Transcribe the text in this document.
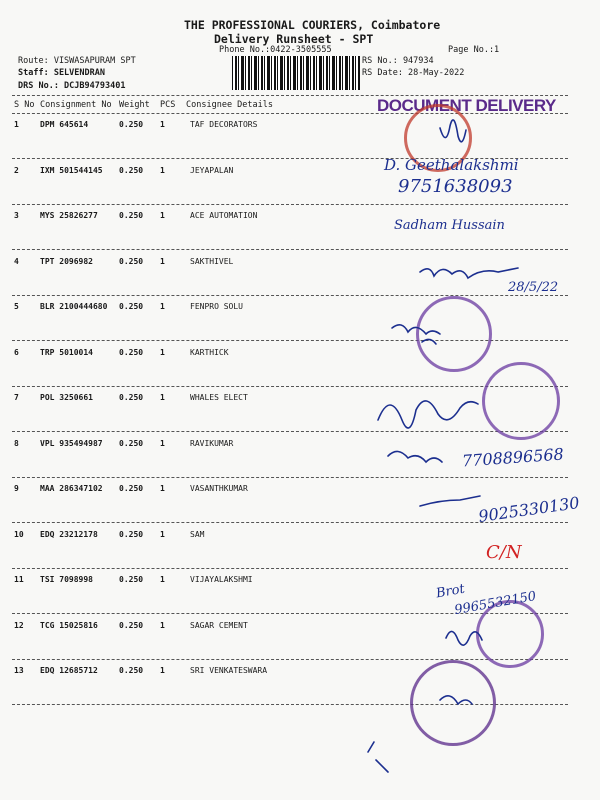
THE PROFESSIONAL COURIERS, Coimbatore
Delivery Runsheet - SPT
Phone No.:0422-3505555	Page No.:1
Route: VISWASAPURAM SPT
Staff: SELVENDRAN
DRS No.: DCJB94793401
RS No.: 947934
RS Date: 28-May-2022
S No Consignment No Weight PCS Consignee Details
1	DPM 645614	0.250 1	TAF DECORATORS
2	IXM 501544145 0.250 1	JEYAPALAN
3	MYS 25826277	0.250 1	ACE AUTOMATION
4	TPT 2096982	0.250 1	SAKTHIVEL
5	BLR 2100444680 0.250 1	FENPRO SOLU
6	TRP 5010014	0.250 1	KARTHICK
7	POL 3250661	0.250 1	WHALES ELECT
8	VPL 935494987 0.250 1	RAVIKUMAR
9	MAA 286347102 0.250 1	VASANTHKUMAR
10 EDQ 23212178	0.250 1	SAM
11 TSI 7098998	0.250 1	VIJAYALAKSHMI
12 TCG 15025816	0.250 1	SAGAR CEMENT
13 EDQ 12685712	0.250 1	SRI VENKATESWARA
DOCUMENT DELIVERY
D. Geethalakshmi
9751638093
Sadham Hussain
28/5/22
7708896568
9025330130
C/N
Brot
9965532150
